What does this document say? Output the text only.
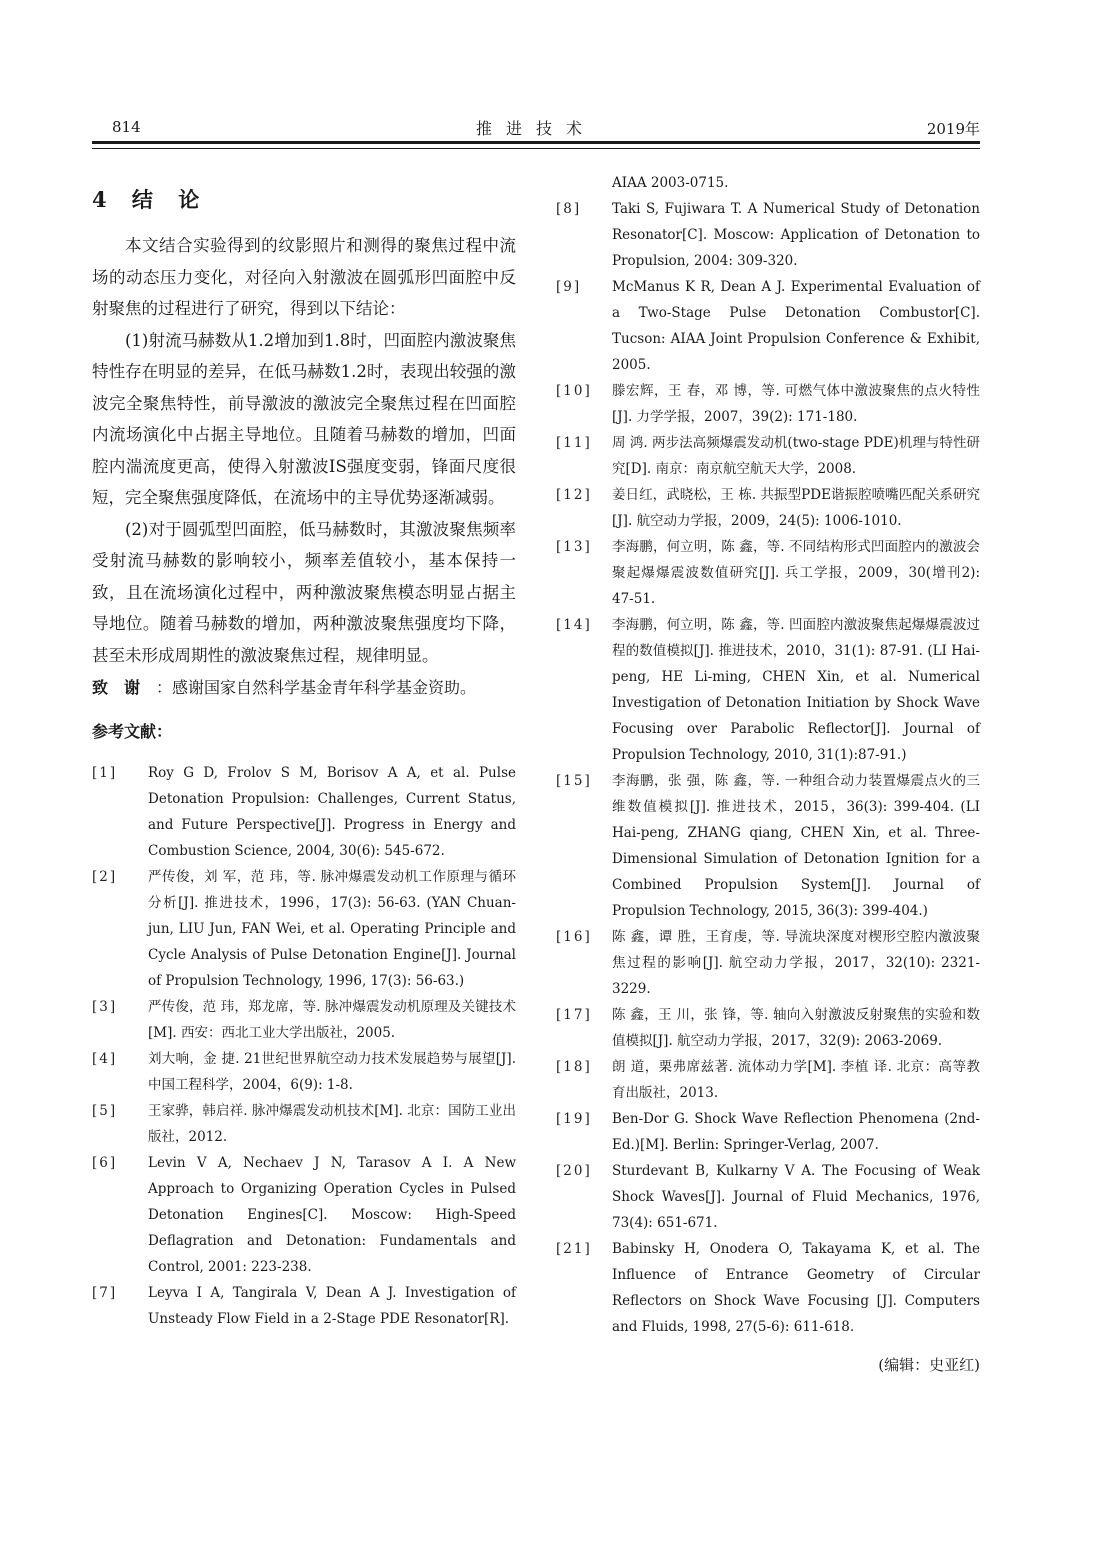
814	推进技术	2019年
4 结 论

本文结合实验得到的纹影照片和测得的聚焦过程中流场的动态压力变化，对径向入射激波在圆弧形凹面腔中反射聚焦的过程进行了研究，得到以下结论：

(1)射流马赫数从1.2增加到1.8时，凹面腔内激波聚焦特性存在明显的差异，在低马赫数1.2时，表现出较强的激波完全聚焦特性，前导激波的激波完全聚焦过程在凹面腔内流场演化中占据主导地位。且随着马赫数的增加，凹面腔内湍流度更高，使得入射激波IS强度变弱，锋面尺度很短，完全聚焦强度降低，在流场中的主导优势逐渐减弱。

(2)对于圆弧型凹面腔，低马赫数时，其激波聚焦频率受射流马赫数的影响较小，频率差值较小，基本保持一致，且在流场演化过程中，两种激波聚焦模态明显占据主导地位。随着马赫数的增加，两种激波聚焦强度均下降，甚至未形成周期性的激波聚焦过程，规律明显。

致谢：感谢国家自然科学基金青年科学基金资助。

参考文献：
[1]	Roy G D, Frolov S M, Borisov A A, et al. Pulse Detonation Propulsion: Challenges, Current Status, and Future Perspective[J]. Progress in Energy and Combustion Science, 2004, 30(6): 545-672.
[2]	严传俊，刘 军，范 玮，等. 脉冲爆震发动机工作原理与循环分析[J]. 推进技术，1996，17(3): 56-63. (YAN Chuan-jun, LIU Jun, FAN Wei, et al. Operating Principle and Cycle Analysis of Pulse Detonation Engine[J]. Journal of Propulsion Technology, 1996, 17(3): 56-63.)
[3]	严传俊，范 玮，郑龙席，等. 脉冲爆震发动机原理及关键技术[M]. 西安：西北工业大学出版社，2005.
[4]	刘大响，金 捷. 21世纪世界航空动力技术发展趋势与展望[J]. 中国工程科学，2004，6(9): 1-8.
[5]	王家骅，韩启祥. 脉冲爆震发动机技术[M]. 北京：国防工业出版社，2012.
[6]	Levin V A, Nechaev J N, Tarasov A I. A New Approach to Organizing Operation Cycles in Pulsed Detonation Engines[C]. Moscow: High-Speed Deflagration and Detonation: Fundamentals and Control, 2001: 223-238.
[7]	Leyva I A, Tangirala V, Dean A J. Investigation of Unsteady Flow Field in a 2-Stage PDE Resonator[R].
AIAA 2003-0715.
[8]	Taki S, Fujiwara T. A Numerical Study of Detonation Resonator[C]. Moscow: Application of Detonation to Propulsion, 2004: 309-320.
[9]	McManus K R, Dean A J. Experimental Evaluation of a Two-Stage Pulse Detonation Combustor[C]. Tucson: AIAA Joint Propulsion Conference & Exhibit, 2005.
[10]	滕宏辉，王 春，邓 博，等. 可燃气体中激波聚焦的点火特性[J]. 力学学报，2007，39(2): 171-180.
[11]	周 鸿. 两步法高频爆震发动机(two-stage PDE)机理与特性研究[D]. 南京：南京航空航天大学，2008.
[12]	姜日红，武晓松，王 栋. 共振型PDE谐振腔喷嘴匹配关系研究[J]. 航空动力学报，2009，24(5): 1006-1010.
[13]	李海鹏，何立明，陈 鑫，等. 不同结构形式凹面腔内的激波会聚起爆爆震波数值研究[J]. 兵工学报，2009，30(增刊2): 47-51.
[14]	李海鹏，何立明，陈 鑫，等. 凹面腔内激波聚焦起爆爆震波过程的数值模拟[J]. 推进技术，2010，31(1): 87-91. (LI Hai-peng, HE Li-ming, CHEN Xin, et al. Numerical Investigation of Detonation Initiation by Shock Wave Focusing over Parabolic Reflector[J]. Journal of Propulsion Technology, 2010, 31(1):87-91.)
[15]	李海鹏，张 强，陈 鑫，等. 一种组合动力装置爆震点火的三维数值模拟[J]. 推进技术，2015，36(3): 399-404. (LI Hai-peng, ZHANG qiang, CHEN Xin, et al. Three-Dimensional Simulation of Detonation Ignition for a Combined Propulsion System[J]. Journal of Propulsion Technology, 2015, 36(3): 399-404.)
[16]	陈 鑫，谭 胜，王育虔，等. 导流块深度对楔形空腔内激波聚焦过程的影响[J]. 航空动力学报，2017，32(10): 2321-3229.
[17]	陈 鑫，王 川，张 锋，等. 轴向入射激波反射聚焦的实验和数值模拟[J]. 航空动力学报，2017，32(9): 2063-2069.
[18]	朗 道，栗弗席兹著. 流体动力学[M]. 李植 译. 北京：高等教育出版社，2013.
[19]	Ben-Dor G. Shock Wave Reflection Phenomena (2nd-Ed.)[M]. Berlin: Springer-Verlag, 2007.
[20]	Sturdevant B, Kulkarny V A. The Focusing of Weak Shock Waves[J]. Journal of Fluid Mechanics, 1976, 73(4): 651-671.
[21]	Babinsky H, Onodera O, Takayama K, et al. The Influence of Entrance Geometry of Circular Reflectors on Shock Wave Focusing [J]. Computers and Fluids, 1998, 27(5-6): 611-618.
(编辑：史亚红)
